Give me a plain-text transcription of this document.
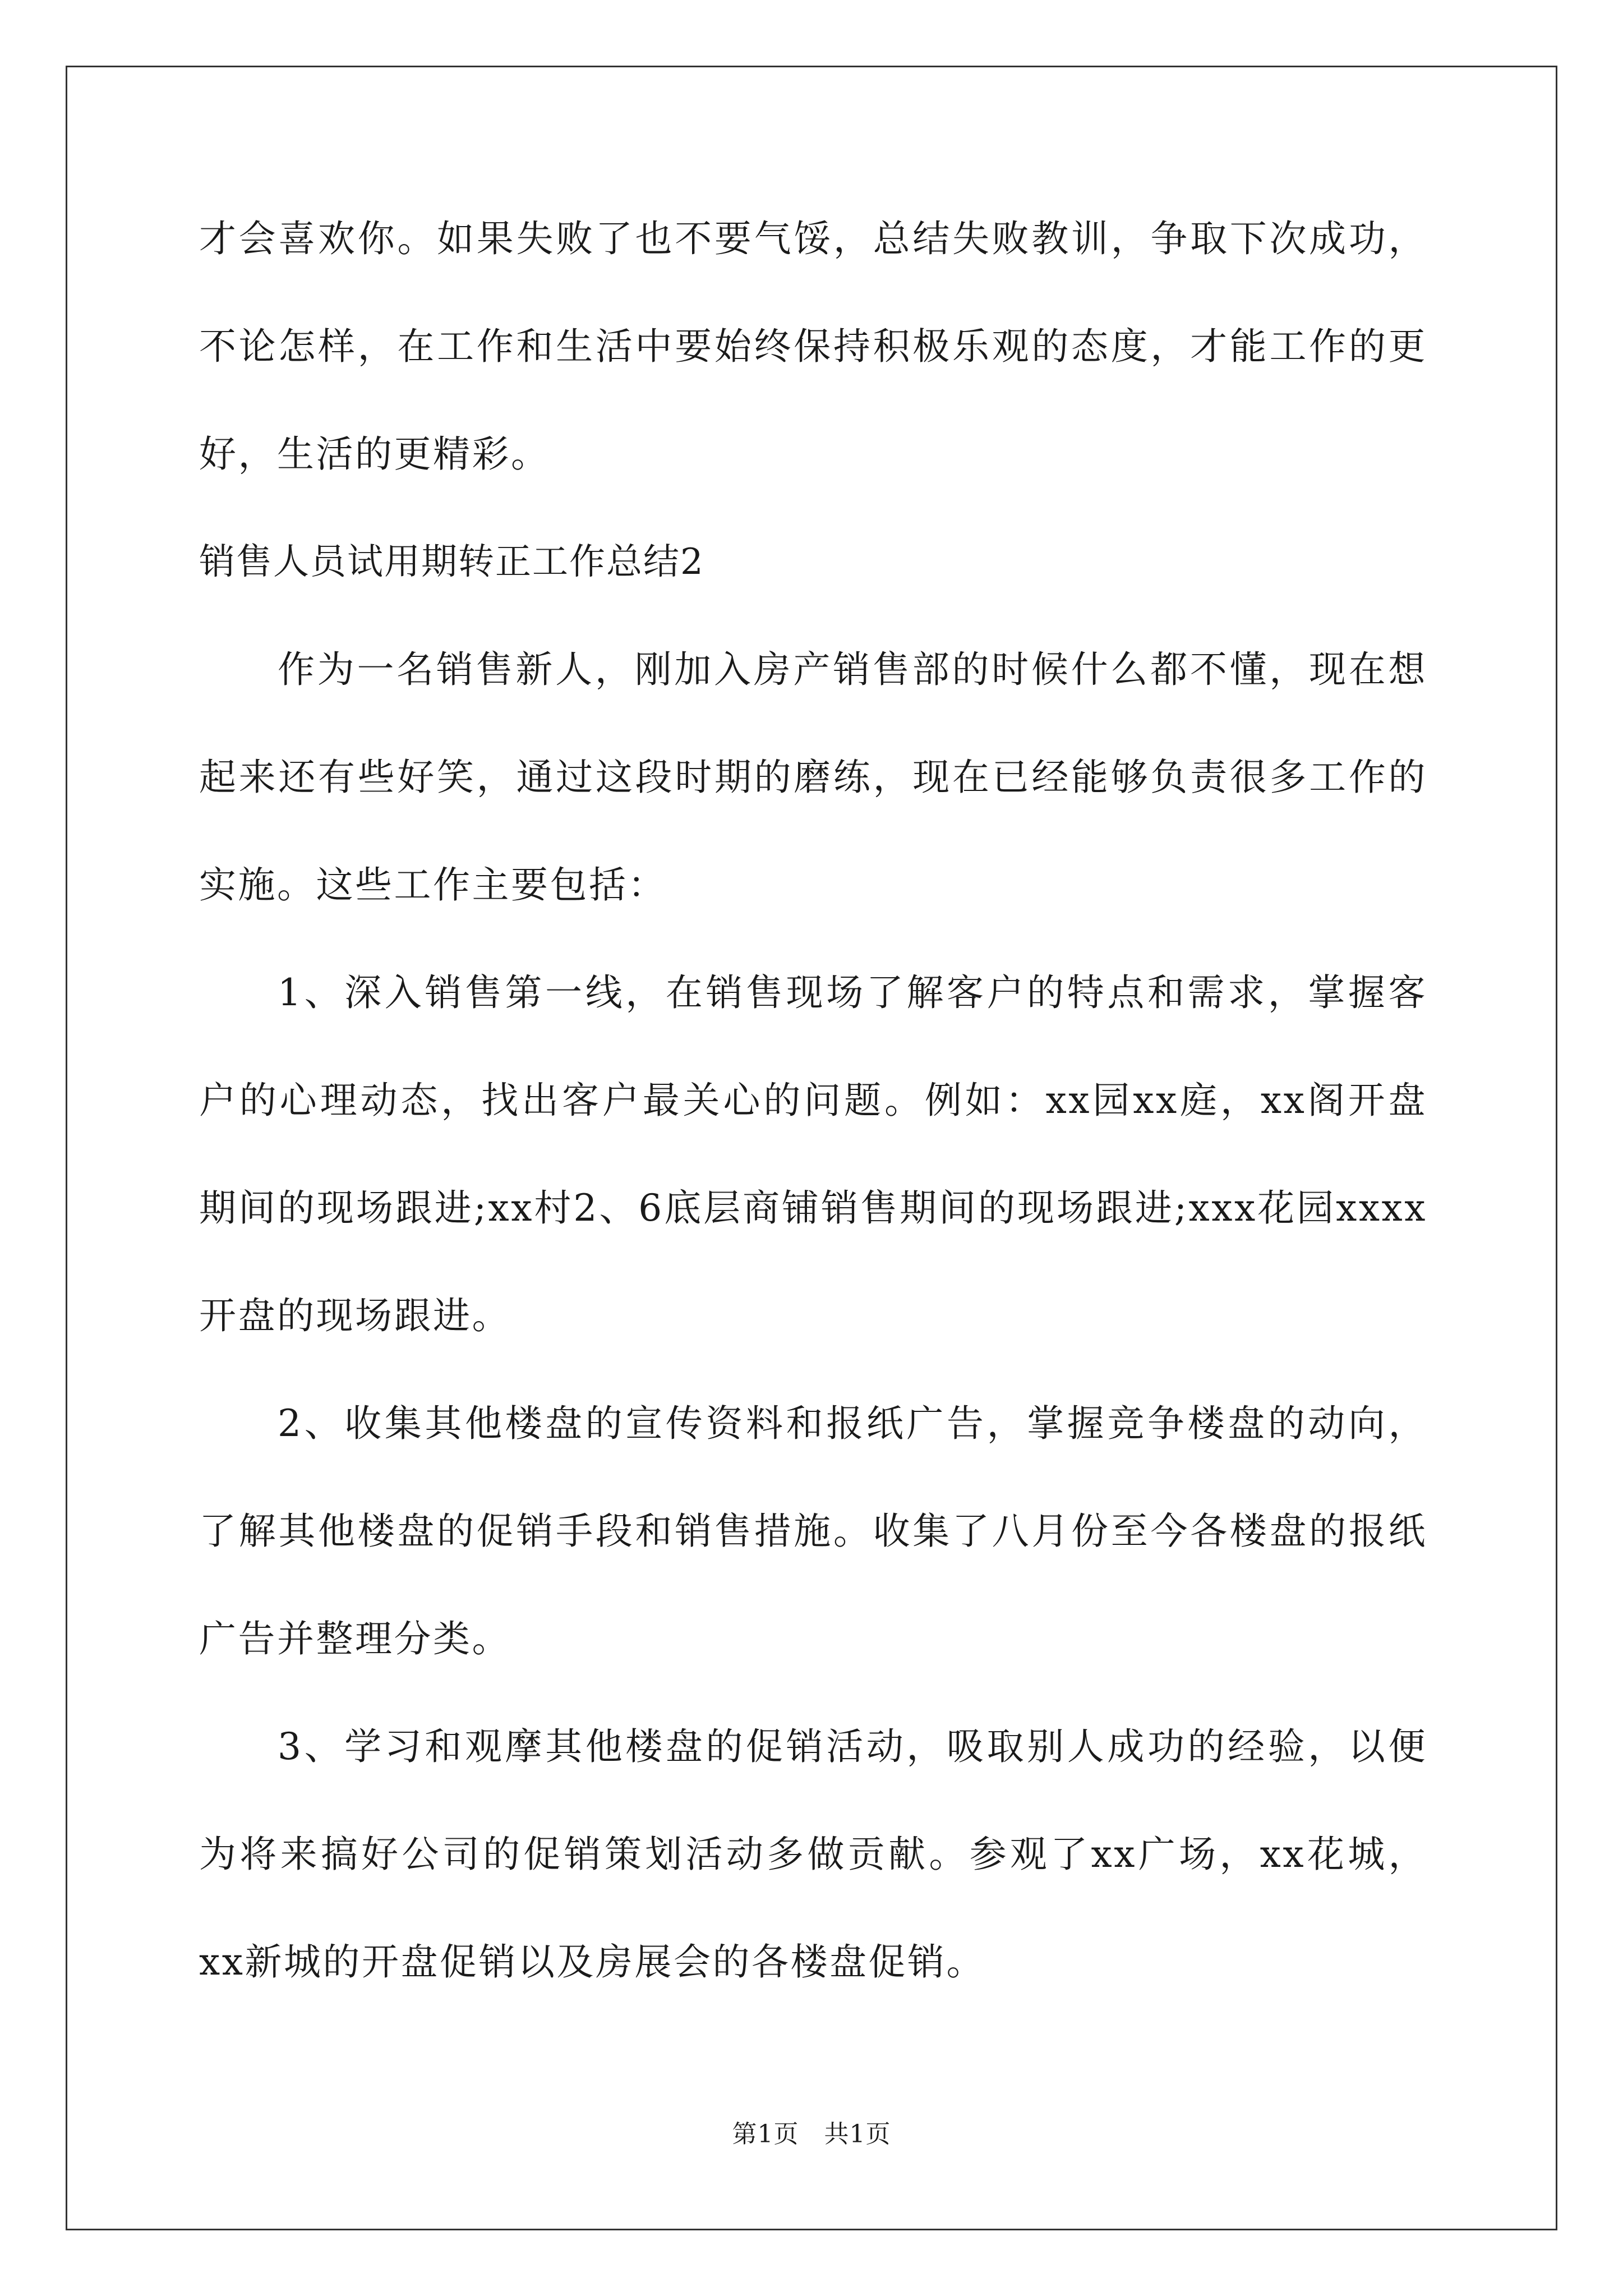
才会喜欢你。如果失败了也不要气馁，总结失败教训，争取下次成功，不论怎样，在工作和生活中要始终保持积极乐观的态度，才能工作的更好，生活的更精彩。

销售人员试用期转正工作总结2

作为一名销售新人，刚加入房产销售部的时候什么都不懂，现在想起来还有些好笑，通过这段时期的磨练，现在已经能够负责很多工作的实施。这些工作主要包括：

1、深入销售第一线，在销售现场了解客户的特点和需求，掌握客户的心理动态，找出客户最关心的问题。例如：xx园xx庭，xx阁开盘期间的现场跟进;xx村2、6底层商铺销售期间的现场跟进;xxx花园xxxx开盘的现场跟进。

2、收集其他楼盘的宣传资料和报纸广告，掌握竞争楼盘的动向，了解其他楼盘的促销手段和销售措施。收集了八月份至今各楼盘的报纸广告并整理分类。

3、学习和观摩其他楼盘的促销活动，吸取别人成功的经验，以便为将来搞好公司的促销策划活动多做贡献。参观了xx广场，xx花城，xx新城的开盘促销以及房展会的各楼盘促销。

第1页 共1页
